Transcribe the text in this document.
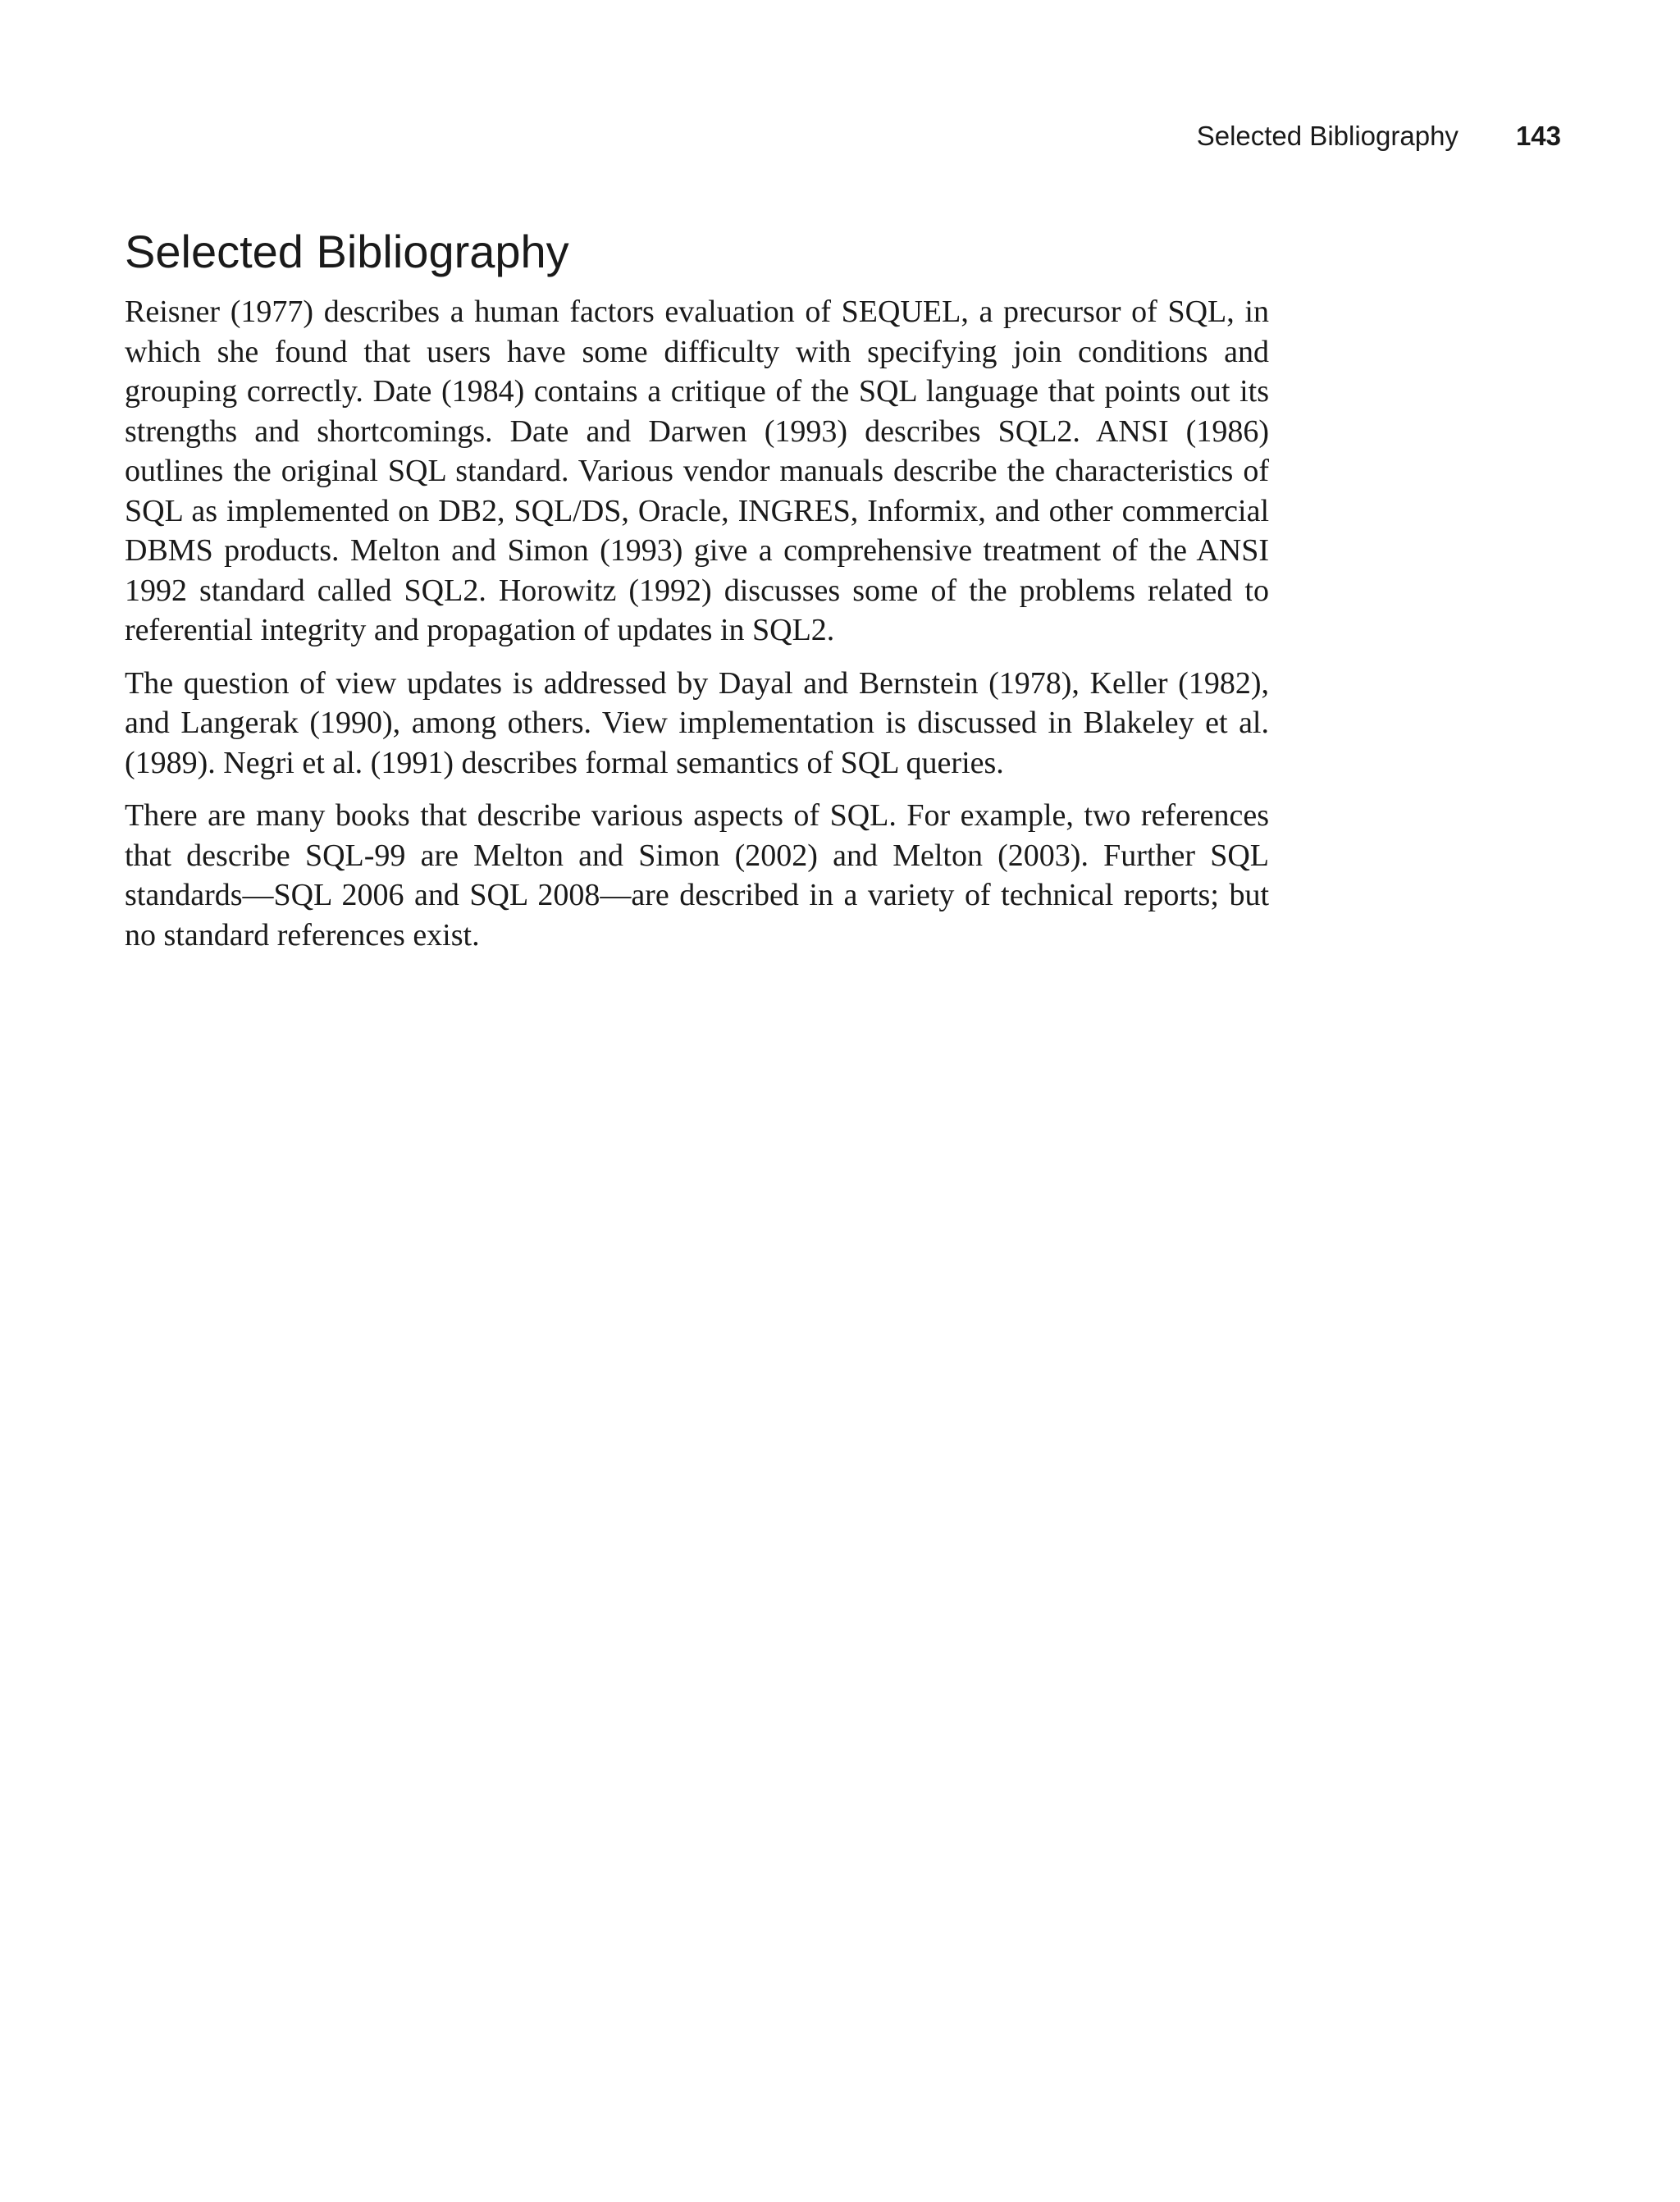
Selected Bibliography 143
Selected Bibliography

Reisner (1977) describes a human factors evaluation of SEQUEL, a precursor of SQL, in which she found that users have some difficulty with specifying join conditions and grouping correctly. Date (1984) contains a critique of the SQL language that points out its strengths and shortcomings. Date and Darwen (1993) describes SQL2. ANSI (1986) outlines the original SQL standard. Various vendor manuals describe the characteristics of SQL as implemented on DB2, SQL/DS, Oracle, INGRES, Informix, and other commercial DBMS products. Melton and Simon (1993) give a comprehensive treatment of the ANSI 1992 standard called SQL2. Horowitz (1992) discusses some of the problems related to referential integrity and propagation of updates in SQL2.

The question of view updates is addressed by Dayal and Bernstein (1978), Keller (1982), and Langerak (1990), among others. View implementation is discussed in Blakeley et al. (1989). Negri et al. (1991) describes formal semantics of SQL queries.

There are many books that describe various aspects of SQL. For example, two references that describe SQL-99 are Melton and Simon (2002) and Melton (2003). Further SQL standards—SQL 2006 and SQL 2008—are described in a variety of technical reports; but no standard references exist.
